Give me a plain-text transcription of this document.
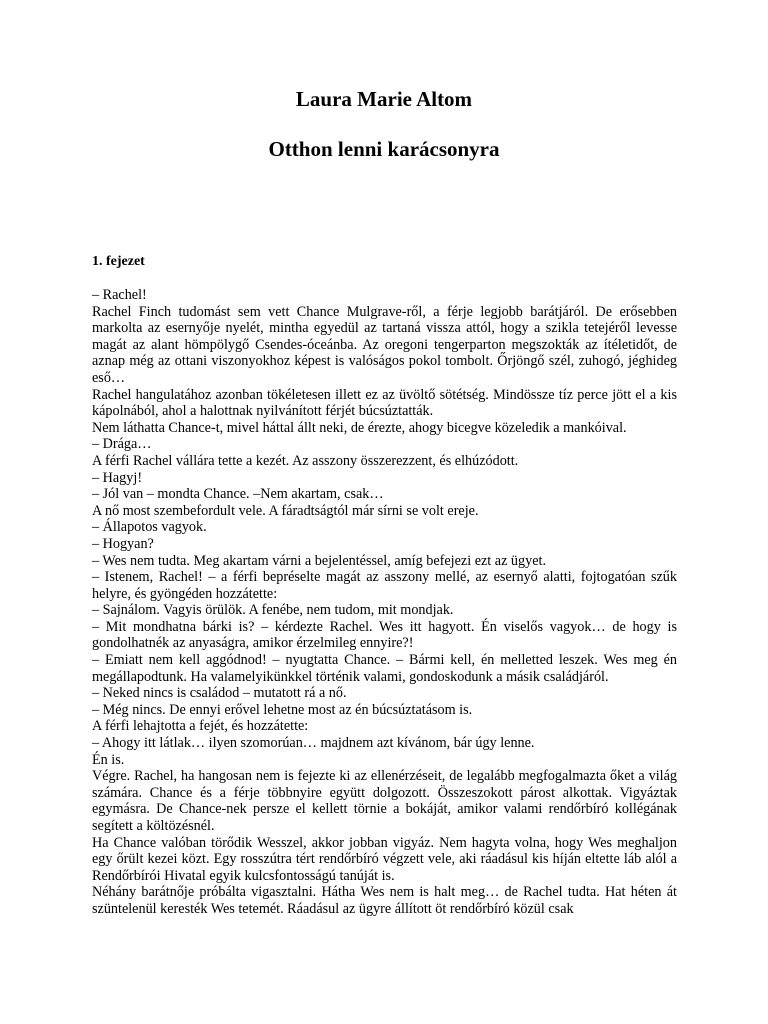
Laura Marie Altom
Otthon lenni karácsonyra
1. fejezet

– Rachel!

Rachel Finch tudomást sem vett Chance Mulgrave-ről, a férje legjobb barátjáról. De erősebben markolta az esernyője nyelét, mintha egyedül az tartaná vissza attól, hogy a szikla tetejéről levesse magát az alant hömpölygő Csendes-óceánba. Az oregoni tengerparton megszokták az ítéletidőt, de aznap még az ottani viszonyokhoz képest is valóságos pokol tombolt. Őrjöngő szél, zuhogó, jéghideg eső…

Rachel hangulatához azonban tökéletesen illett ez az üvöltő sötétség. Mindössze tíz perce jött el a kis kápolnából, ahol a halottnak nyilvánított férjét búcsúztatták.

Nem láthatta Chance-t, mivel háttal állt neki, de érezte, ahogy bicegve közeledik a mankóival.

– Drága…

A férfi Rachel vállára tette a kezét. Az asszony összerezzent, és elhúzódott.

– Hagyj!

– Jól van – mondta Chance. –Nem akartam, csak…

A nő most szembefordult vele. A fáradtságtól már sírni se volt ereje.

– Állapotos vagyok.

– Hogyan?

– Wes nem tudta. Meg akartam várni a bejelentéssel, amíg befejezi ezt az ügyet.

– Istenem, Rachel! – a férfi bepréselte magát az asszony mellé, az esernyő alatti, fojtogatóan szűk helyre, és gyöngéden hozzátette:

– Sajnálom. Vagyis örülök. A fenébe, nem tudom, mit mondjak.

– Mit mondhatna bárki is? – kérdezte Rachel. Wes itt hagyott. Én viselős vagyok… de hogy is gondolhatnék az anyaságra, amikor érzelmileg ennyire?!

– Emiatt nem kell aggódnod! – nyugtatta Chance. – Bármi kell, én melletted leszek. Wes meg én megállapodtunk. Ha valamelyikünkkel történik valami, gondoskodunk a másik családjáról.

– Neked nincs is családod – mutatott rá a nő.

– Még nincs. De ennyi erővel lehetne most az én búcsúztatásom is.

A férfi lehajtotta a fejét, és hozzátette:

– Ahogy itt látlak… ilyen szomorúan… majdnem azt kívánom, bár úgy lenne.

Én is.

Végre. Rachel, ha hangosan nem is fejezte ki az ellenérzéseit, de legalább megfogalmazta őket a világ számára. Chance és a férje többnyire együtt dolgozott. Összeszokott párost alkottak. Vigyáztak egymásra. De Chance-nek persze el kellett törnie a bokáját, amikor valami rendőrbíró kollégának segített a költözésnél.

Ha Chance valóban törődik Wesszel, akkor jobban vigyáz. Nem hagyta volna, hogy Wes meghaljon egy őrült kezei közt. Egy rosszútra tért rendőrbíró végzett vele, aki ráadásul kis híján eltette láb alól a Rendőrbírói Hivatal egyik kulcsfontosságú tanúját is.

Néhány barátnője próbálta vigasztalni. Hátha Wes nem is halt meg… de Rachel tudta. Hat héten át szüntelenül keresték Wes tetemét. Ráadásul az ügyre állított öt rendőrbíró közül csak
